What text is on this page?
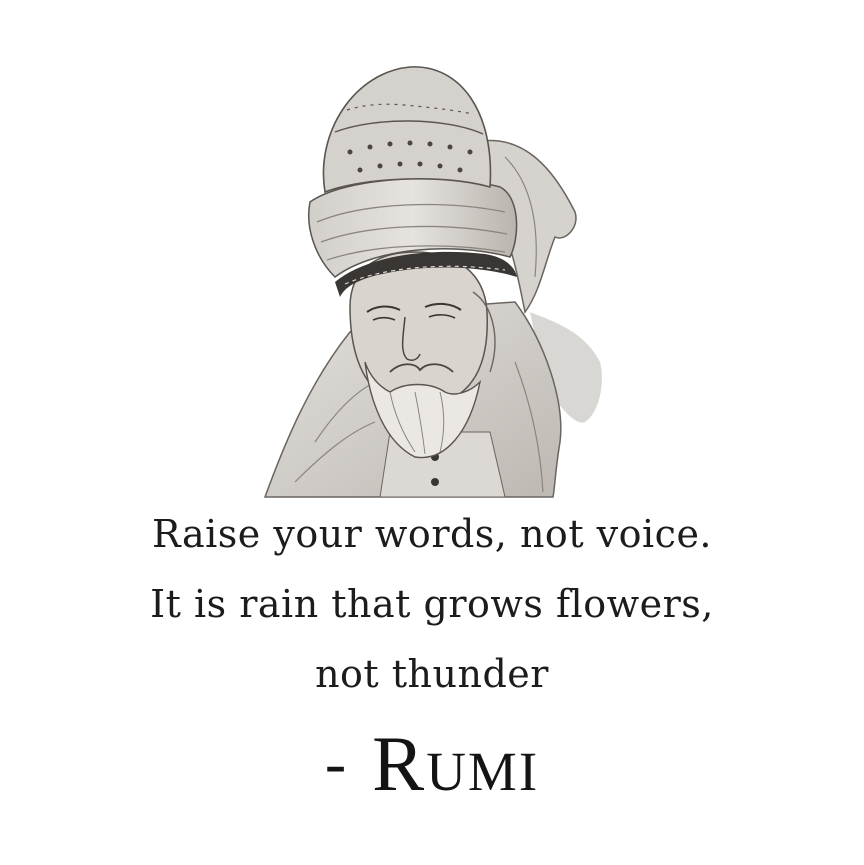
Raise your words, not voice.
It is rain that grows flowers,
not thunder
- Rumi
